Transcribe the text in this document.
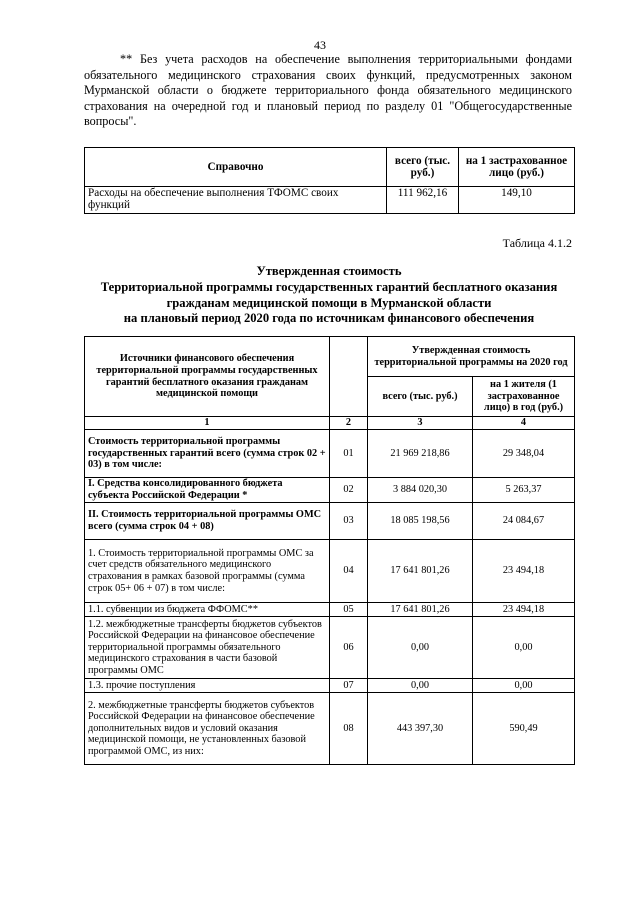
43
** Без учета расходов на обеспечение выполнения территориальными фондами обязательного медицинского страхования своих функций, предусмотренных законом Мурманской области о бюджете территориального фонда обязательного медицинского страхования на очередной год и плановый период по разделу 01 "Общегосударственные вопросы".
Справочно	всего (тыс. руб.)	на 1 застрахованное лицо (руб.)
Расходы на обеспечение выполнения ТФОМС своих функций	111 962,16	149,10
Таблица 4.1.2
Утвержденная стоимость
Территориальной программы государственных гарантий бесплатного оказания
гражданам медицинской помощи в Мурманской области
на плановый период 2020 года по источникам финансового обеспечения
Источники финансового обеспечения территориальной программы государственных гарантий бесплатного оказания гражданам медицинской помощи		Утвержденная стоимость территориальной программы на 2020 год	
		всего (тыс. руб.)	на 1 жителя (1 застрахованное лицо) в год (руб.)
1	2	3	4
Стоимость территориальной программы государственных гарантий всего (сумма строк 02 + 03) в том числе:	01	21 969 218,86	29 348,04
I. Средства консолидированного бюджета субъекта Российской Федерации *	02	3 884 020,30	5 263,37
II. Стоимость территориальной программы ОМС всего (сумма строк 04 + 08)	03	18 085 198,56	24 084,67
1. Стоимость территориальной программы ОМС за счет средств обязательного медицинского страхования в рамках базовой программы (сумма строк 05+ 06 + 07) в том числе:	04	17 641 801,26	23 494,18
1.1. субвенции из бюджета ФФОМС**	05	17 641 801,26	23 494,18
1.2. межбюджетные трансферты бюджетов субъектов Российской Федерации на финансовое обеспечение территориальной программы обязательного медицинского страхования в части базовой программы ОМС	06	0,00	0,00
1.3. прочие поступления	07	0,00	0,00
2. межбюджетные трансферты бюджетов субъектов Российской Федерации на финансовое обеспечение дополнительных видов и условий оказания медицинской помощи, не установленных базовой программой ОМС, из них:	08	443 397,30	590,49
